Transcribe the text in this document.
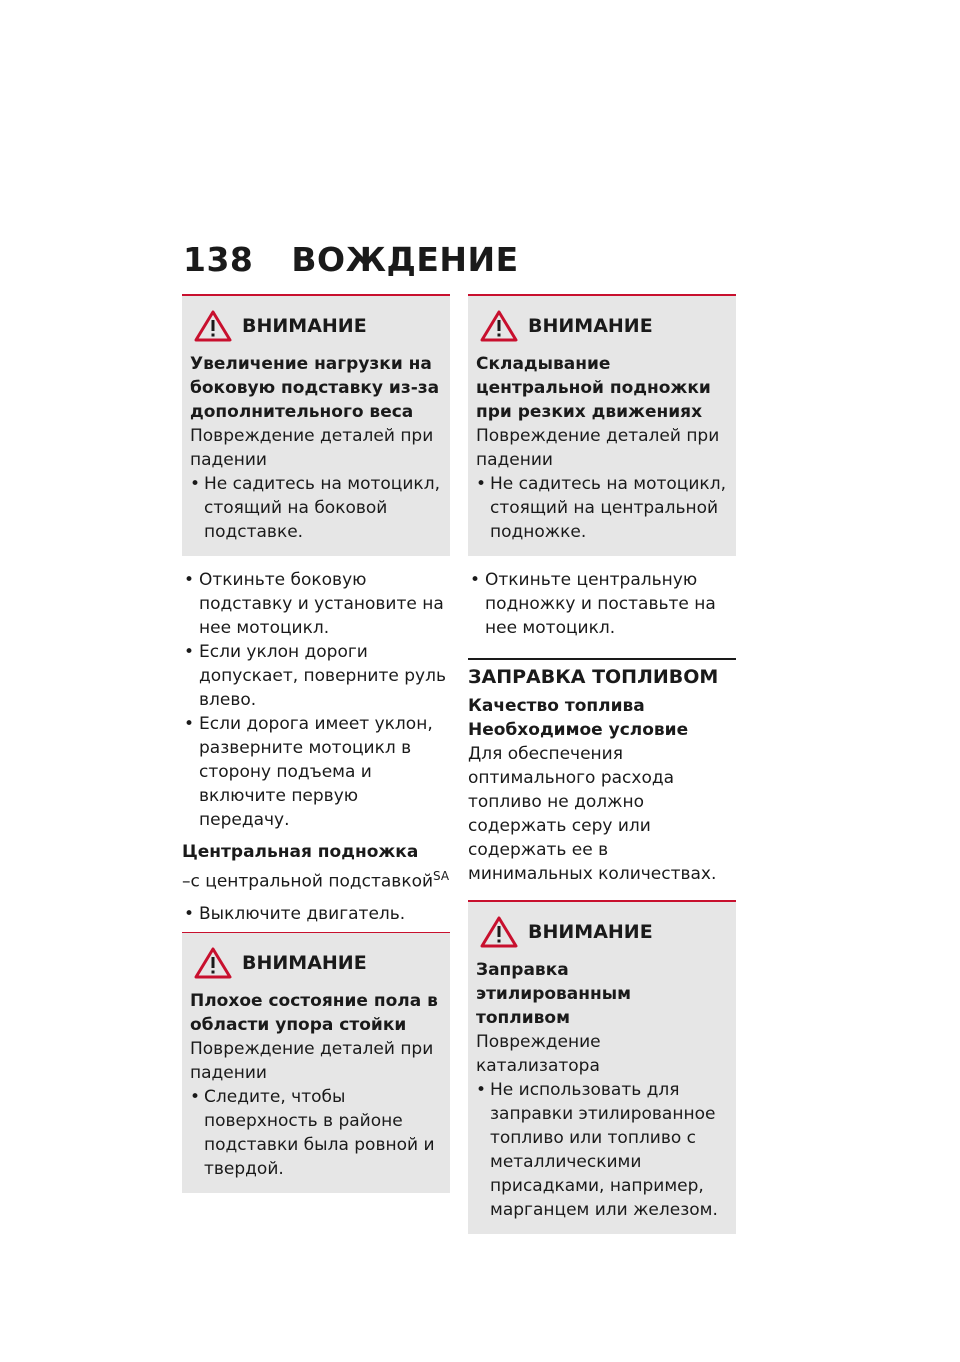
138 ВОЖДЕНИЕ
ВНИМАНИЕ
Увеличение нагрузки на боковую подставку из-за дополнительного веса
Повреждение деталей при падении
• Не садитесь на мотоцикл, стоящий на боковой подставке.
• Откиньте боковую подставку и установите на нее мотоцикл.
• Если уклон дороги допускает, поверните руль влево.
• Если дорога имеет уклон, разверните мотоцикл в сторону подъема и включите первую передачу.
Центральная подножка
–с центральной подставкой$^{SA}$
• Выключите двигатель.
ВНИМАНИЕ
Плохое состояние пола в области упора стойки
Повреждение деталей при падении
• Следите, чтобы поверхность в районе подставки была ровной и твердой.
ВНИМАНИЕ
Складывание центральной подножки при резких движениях
Повреждение деталей при падении
• Не садитесь на мотоцикл, стоящий на центральной подножке.
• Откиньте центральную подножку и поставьте на нее мотоцикл.
ЗАПРАВКА ТОПЛИВОМ
Качество топлива
Необходимое условие
Для обеспечения оптимального расхода топливо не должно содержать серу или содержать ее в минимальных количествах.
ВНИМАНИЕ
Заправка этилированным топливом
Повреждение катализатора
• Не использовать для заправки этилированное топливо или топливо с металлическими присадками, например, марганцем или железом.
